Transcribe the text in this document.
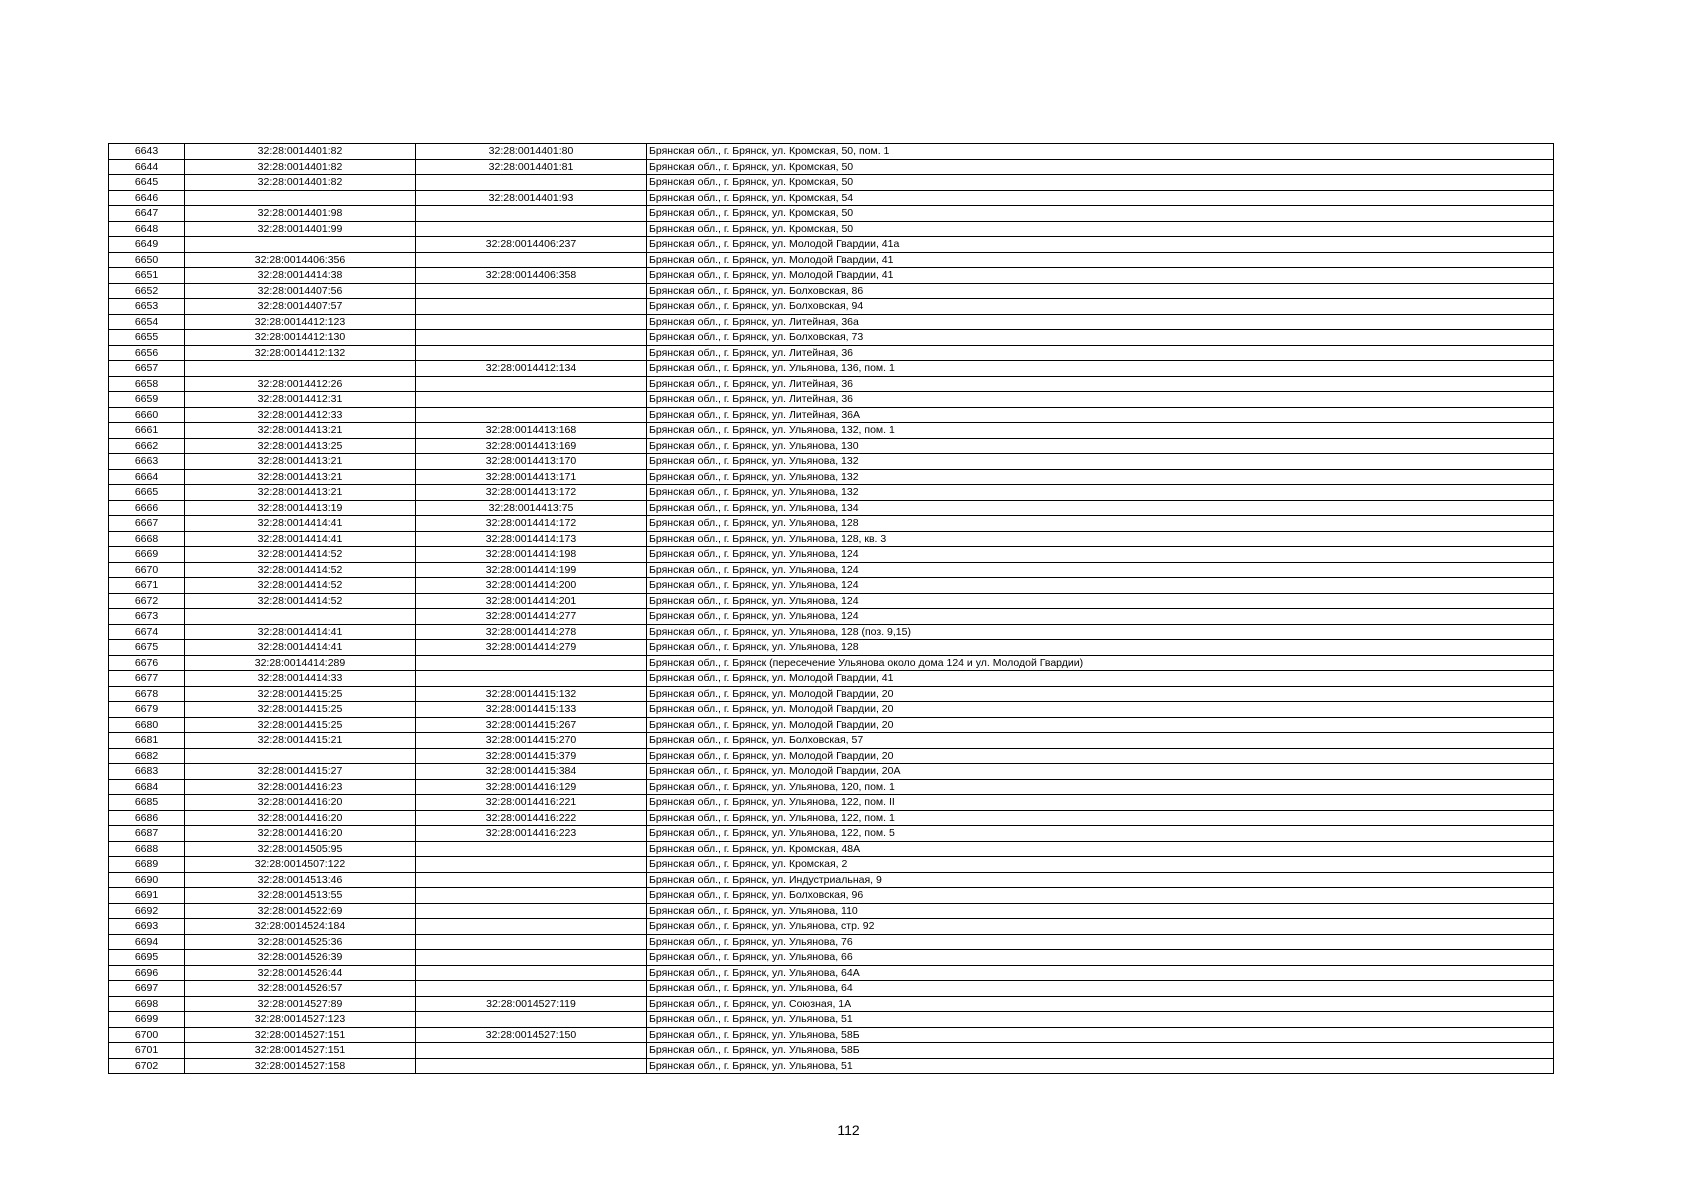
6643	32:28:0014401:82	32:28:0014401:80	Брянская обл., г. Брянск, ул. Кромская, 50, пом. 1
6644	32:28:0014401:82	32:28:0014401:81	Брянская обл., г. Брянск, ул. Кромская, 50
6645	32:28:0014401:82		Брянская обл., г. Брянск, ул. Кромская, 50
6646		32:28:0014401:93	Брянская обл., г. Брянск, ул. Кромская, 54
6647	32:28:0014401:98		Брянская обл., г. Брянск, ул. Кромская, 50
6648	32:28:0014401:99		Брянская обл., г. Брянск, ул. Кромская, 50
6649		32:28:0014406:237	Брянская обл., г. Брянск, ул. Молодой Гвардии, 41а
6650	32:28:0014406:356		Брянская обл., г. Брянск, ул. Молодой Гвардии, 41
6651	32:28:0014414:38	32:28:0014406:358	Брянская обл., г. Брянск, ул. Молодой Гвардии, 41
6652	32:28:0014407:56		Брянская обл., г. Брянск, ул. Болховская, 86
6653	32:28:0014407:57		Брянская обл., г. Брянск, ул. Болховская, 94
6654	32:28:0014412:123		Брянская обл., г. Брянск, ул. Литейная, 36а
6655	32:28:0014412:130		Брянская обл., г. Брянск, ул. Болховская, 73
6656	32:28:0014412:132		Брянская обл., г. Брянск, ул. Литейная, 36
6657		32:28:0014412:134	Брянская обл., г. Брянск, ул. Ульянова, 136, пом. 1
6658	32:28:0014412:26		Брянская обл., г. Брянск, ул. Литейная, 36
6659	32:28:0014412:31		Брянская обл., г. Брянск, ул. Литейная, 36
6660	32:28:0014412:33		Брянская обл., г. Брянск, ул. Литейная, 36А
6661	32:28:0014413:21	32:28:0014413:168	Брянская обл., г. Брянск, ул. Ульянова, 132, пом. 1
6662	32:28:0014413:25	32:28:0014413:169	Брянская обл., г. Брянск, ул. Ульянова, 130
6663	32:28:0014413:21	32:28:0014413:170	Брянская обл., г. Брянск, ул. Ульянова, 132
6664	32:28:0014413:21	32:28:0014413:171	Брянская обл., г. Брянск, ул. Ульянова, 132
6665	32:28:0014413:21	32:28:0014413:172	Брянская обл., г. Брянск, ул. Ульянова, 132
6666	32:28:0014413:19	32:28:0014413:75	Брянская обл., г. Брянск, ул. Ульянова, 134
6667	32:28:0014414:41	32:28:0014414:172	Брянская обл., г. Брянск, ул. Ульянова, 128
6668	32:28:0014414:41	32:28:0014414:173	Брянская обл., г. Брянск, ул. Ульянова, 128, кв. 3
6669	32:28:0014414:52	32:28:0014414:198	Брянская обл., г. Брянск, ул. Ульянова, 124
6670	32:28:0014414:52	32:28:0014414:199	Брянская обл., г. Брянск, ул. Ульянова, 124
6671	32:28:0014414:52	32:28:0014414:200	Брянская обл., г. Брянск, ул. Ульянова, 124
6672	32:28:0014414:52	32:28:0014414:201	Брянская обл., г. Брянск, ул. Ульянова, 124
6673		32:28:0014414:277	Брянская обл., г. Брянск, ул. Ульянова, 124
6674	32:28:0014414:41	32:28:0014414:278	Брянская обл., г. Брянск, ул. Ульянова, 128 (поз. 9,15)
6675	32:28:0014414:41	32:28:0014414:279	Брянская обл., г. Брянск, ул. Ульянова, 128
6676	32:28:0014414:289		Брянская обл., г. Брянск (пересечение Ульянова около дома 124 и ул. Молодой Гвардии)
6677	32:28:0014414:33		Брянская обл., г. Брянск, ул. Молодой Гвардии, 41
6678	32:28:0014415:25	32:28:0014415:132	Брянская обл., г. Брянск, ул. Молодой Гвардии, 20
6679	32:28:0014415:25	32:28:0014415:133	Брянская обл., г. Брянск, ул. Молодой Гвардии, 20
6680	32:28:0014415:25	32:28:0014415:267	Брянская обл., г. Брянск, ул. Молодой Гвардии, 20
6681	32:28:0014415:21	32:28:0014415:270	Брянская обл., г. Брянск, ул. Болховская, 57
6682		32:28:0014415:379	Брянская обл., г. Брянск, ул. Молодой Гвардии, 20
6683	32:28:0014415:27	32:28:0014415:384	Брянская обл., г. Брянск, ул. Молодой Гвардии, 20А
6684	32:28:0014416:23	32:28:0014416:129	Брянская обл., г. Брянск, ул. Ульянова, 120, пом. 1
6685	32:28:0014416:20	32:28:0014416:221	Брянская обл., г. Брянск, ул. Ульянова, 122, пом. II
6686	32:28:0014416:20	32:28:0014416:222	Брянская обл., г. Брянск, ул. Ульянова, 122, пом. 1
6687	32:28:0014416:20	32:28:0014416:223	Брянская обл., г. Брянск, ул. Ульянова, 122, пом. 5
6688	32:28:0014505:95		Брянская обл., г. Брянск, ул. Кромская, 48А
6689	32:28:0014507:122		Брянская обл., г. Брянск, ул. Кромская, 2
6690	32:28:0014513:46		Брянская обл., г. Брянск, ул. Индустриальная, 9
6691	32:28:0014513:55		Брянская обл., г. Брянск, ул. Болховская, 96
6692	32:28:0014522:69		Брянская обл., г. Брянск, ул. Ульянова, 110
6693	32:28:0014524:184		Брянская обл., г. Брянск, ул. Ульянова, стр. 92
6694	32:28:0014525:36		Брянская обл., г. Брянск, ул. Ульянова, 76
6695	32:28:0014526:39		Брянская обл., г. Брянск, ул. Ульянова, 66
6696	32:28:0014526:44		Брянская обл., г. Брянск, ул. Ульянова, 64А
6697	32:28:0014526:57		Брянская обл., г. Брянск, ул. Ульянова, 64
6698	32:28:0014527:89	32:28:0014527:119	Брянская обл., г. Брянск, ул. Союзная, 1А
6699	32:28:0014527:123		Брянская обл., г. Брянск, ул. Ульянова, 51
6700	32:28:0014527:151	32:28:0014527:150	Брянская обл., г. Брянск, ул. Ульянова, 58Б
6701	32:28:0014527:151		Брянская обл., г. Брянск, ул. Ульянова, 58Б
6702	32:28:0014527:158		Брянская обл., г. Брянск, ул. Ульянова, 51
112
